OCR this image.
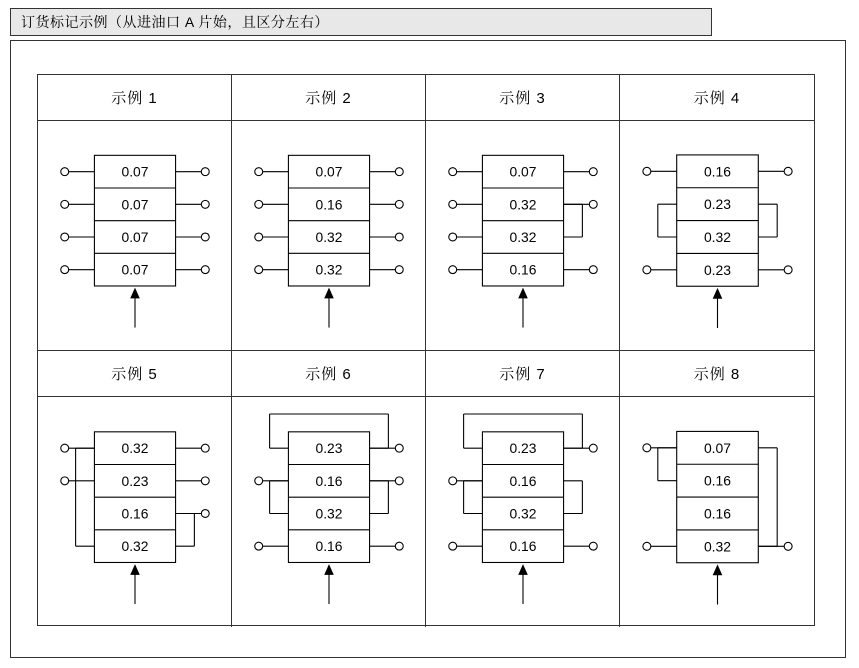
订货标记示例（从进油口 A 片始，且区分左右）
示例 1	示例 2	示例 3	示例 4
0.07
0.07
0.07
0.07
0.07
0.16
0.32
0.32
0.07
0.32
0.32
0.16
0.16
0.23
0.32
0.23
示例 5	示例 6	示例 7	示例 8
0.32
0.23
0.16
0.32
0.23
0.16
0.32
0.16
0.23
0.16
0.32
0.16
0.07
0.16
0.16
0.32
